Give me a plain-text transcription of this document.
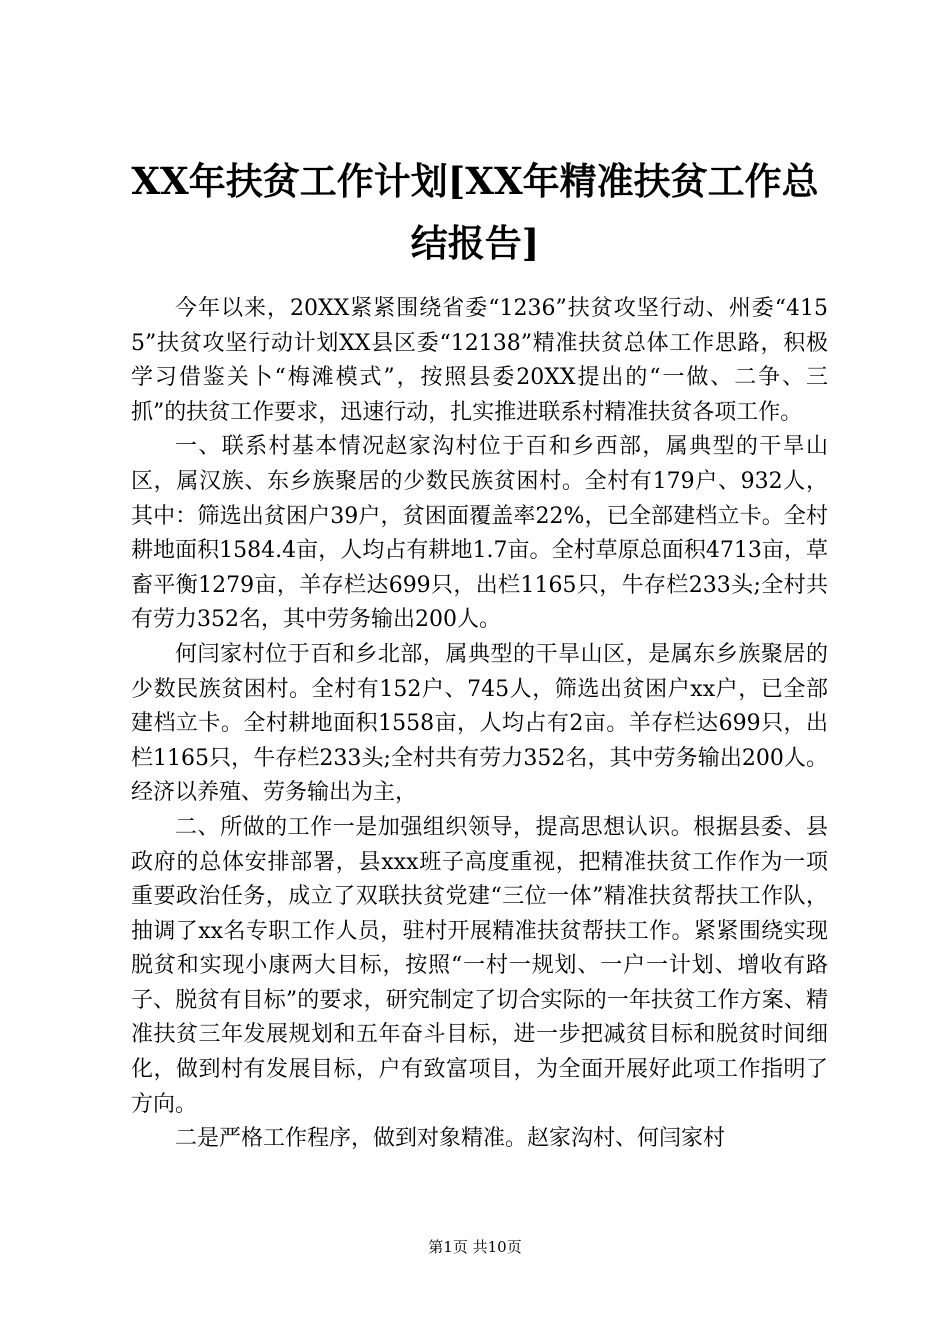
XX年扶贫工作计划[XX年精准扶贫工作总结报告]

今年以来，20XX紧紧围绕省委“1236”扶贫攻坚行动、州委“4155”扶贫攻坚行动计划XX县区委“12138”精准扶贫总体工作思路，积极学习借鉴关卜“梅滩模式”，按照县委20XX提出的“一做、二争、三抓”的扶贫工作要求，迅速行动，扎实推进联系村精准扶贫各项工作。

一、联系村基本情况赵家沟村位于百和乡西部，属典型的干旱山区，属汉族、东乡族聚居的少数民族贫困村。全村有179户、932人，其中：筛选出贫困户39户，贫困面覆盖率22%，已全部建档立卡。全村耕地面积1584.4亩，人均占有耕地1.7亩。全村草原总面积4713亩，草畜平衡1279亩，羊存栏达699只，出栏1165只，牛存栏233头;全村共有劳力352名，其中劳务输出200人。

何闫家村位于百和乡北部，属典型的干旱山区，是属东乡族聚居的少数民族贫困村。全村有152户、745人，筛选出贫困户xx户，已全部建档立卡。全村耕地面积1558亩，人均占有2亩。羊存栏达699只，出栏1165只，牛存栏233头;全村共有劳力352名，其中劳务输出200人。经济以养殖、劳务输出为主，

二、所做的工作一是加强组织领导，提高思想认识。根据县委、县政府的总体安排部署，县xxx班子高度重视，把精准扶贫工作作为一项重要政治任务，成立了双联扶贫党建“三位一体”精准扶贫帮扶工作队，抽调了xx名专职工作人员，驻村开展精准扶贫帮扶工作。紧紧围绕实现脱贫和实现小康两大目标，按照“一村一规划、一户一计划、增收有路子、脱贫有目标”的要求，研究制定了切合实际的一年扶贫工作方案、精准扶贫三年发展规划和五年奋斗目标，进一步把减贫目标和脱贫时间细化，做到村有发展目标，户有致富项目，为全面开展好此项工作指明了方向。

二是严格工作程序，做到对象精准。赵家沟村、何闫家村

第1页 共10页
